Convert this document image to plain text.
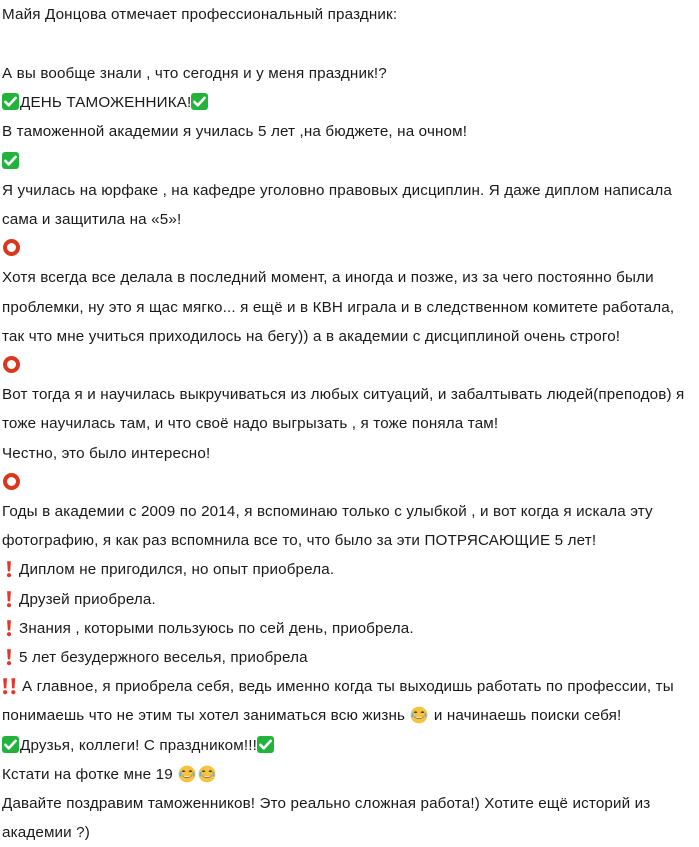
Майя Донцова отмечает профессиональный праздник:
А вы вообще знали , что сегодня и у меня праздник!?
ДЕНЬ ТАМОЖЕННИКА!
В таможенной академии я училась 5 лет ,на бюджете, на очном!
Я училась на юрфаке , на кафедре уголовно правовых дисциплин. Я даже диплом написала сама и защитила на «5»!
Хотя всегда все делала в последний момент, а иногда и позже, из за чего постоянно были проблемки, ну это я щас мягко... я ещё и в КВН играла и в следственном комитете работала, так что мне учиться приходилось на бегу)) а в академии с дисциплиной очень строго!
Вот тогда я и научилась выкручиваться из любых ситуаций, и забалтывать людей(преподов) я тоже научилась там, и что своё надо выгрызать , я тоже поняла там!
Честно, это было интересно!
Годы в академии с 2009 по 2014, я вспоминаю только с улыбкой , и вот когда я искала эту фотографию, я как раз вспомнила все то, что было за эти ПОТРЯСАЮЩИЕ 5 лет!
Диплом не пригодился, но опыт приобрела.
Друзей приобрела.
Знания , которыми пользуюсь по сей день, приобрела.
5 лет безудержного веселья, приобрела
А главное, я приобрела себя, ведь именно когда ты выходишь работать по профессии, ты понимаешь что не этим ты хотел заниматься всю жизнь и начинаешь поиски себя!
Друзья, коллеги! С праздником!!!
Кстати на фотке мне 19
Давайте поздравим таможенников! Это реально сложная работа!) Хотите ещё историй из академии ?)
